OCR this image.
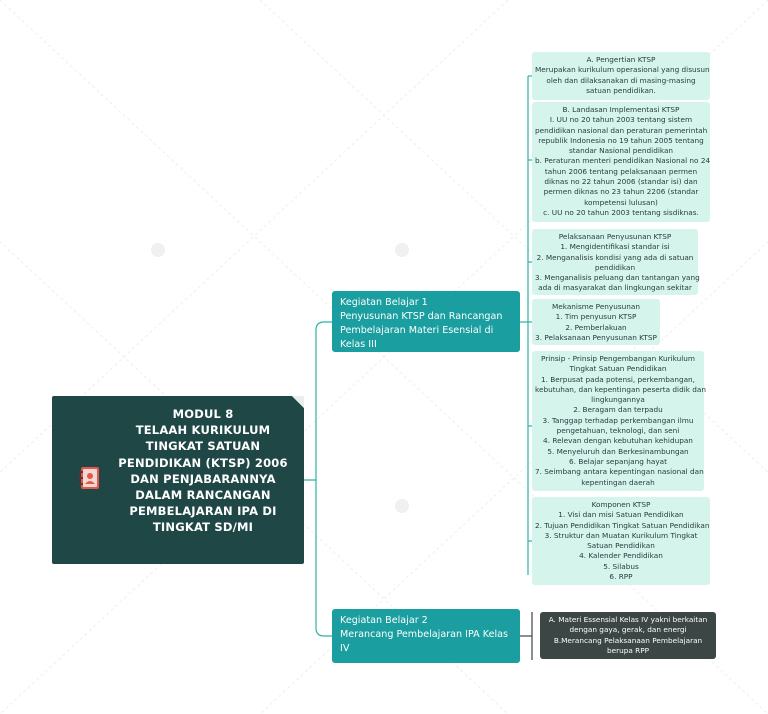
MODUL 8
TELAAH KURIKULUM
TINGKAT SATUAN
PENDIDIKAN (KTSP) 2006
DAN PENJABARANNYA
DALAM RANCANGAN
PEMBELAJARAN IPA DI
TINGKAT SD/MI
Kegiatan Belajar 1
Penyusunan KTSP dan Rancangan
Pembelajaran Materi Esensial di
Kelas III
Kegiatan Belajar 2
Merancang Pembelajaran IPA Kelas
IV
A. Pengertian KTSP
Merupakan kurikulum operasional yang disusun
oleh dan dilaksanakan di masing-masing
satuan pendidikan.
B. Landasan Implementasi KTSP
I. UU no 20 tahun 2003 tentang sistem
pendidikan nasional dan peraturan pemerintah
republik Indonesia no 19 tahun 2005 tentang
standar Nasional pendidikan
b. Peraturan menteri pendidikan Nasional no 24
tahun 2006 tentang pelaksanaan permen
diknas no 22 tahun 2006 (standar isi) dan
permen diknas no 23 tahun 2206 (standar
kompetensi lulusan)
c. UU no 20 tahun 2003 tentang sisdiknas.
Pelaksanaan Penyusunan KTSP
1. Mengidentifikasi standar isi
2. Menganalisis kondisi yang ada di satuan
pendidikan
3. Menganalisis peluang dan tantangan yang
ada di masyarakat dan lingkungan sekitar
Mekanisme Penyusunan
1. Tim penyusun KTSP
2. Pemberlakuan
3. Pelaksanaan Penyusunan KTSP
Prinsip - Prinsip Pengembangan Kurikulum
Tingkat Satuan Pendidikan
1. Berpusat pada potensi, perkembangan,
kebutuhan, dan kepentingan peserta didik dan
lingkungannya
2. Beragam dan terpadu
3. Tanggap terhadap perkembangan ilmu
pengetahuan, teknologi, dan seni
4. Relevan dengan kebutuhan kehidupan
5. Menyeluruh dan Berkesinambungan
6. Belajar sepanjang hayat
7. Seimbang antara kepentingan nasional dan
kepentingan daerah
Komponen KTSP
1. Visi dan misi Satuan Pendidikan
2. Tujuan Pendidikan Tingkat Satuan Pendidikan
3. Struktur dan Muatan Kurikulum Tingkat
Satuan Pendidikan
4. Kalender Pendidikan
5. Silabus
6. RPP
A. Materi Essensial Kelas IV yakni berkaitan
dengan gaya, gerak, dan energi
B.Merancang Pelaksanaan Pembelajaran
berupa RPP
